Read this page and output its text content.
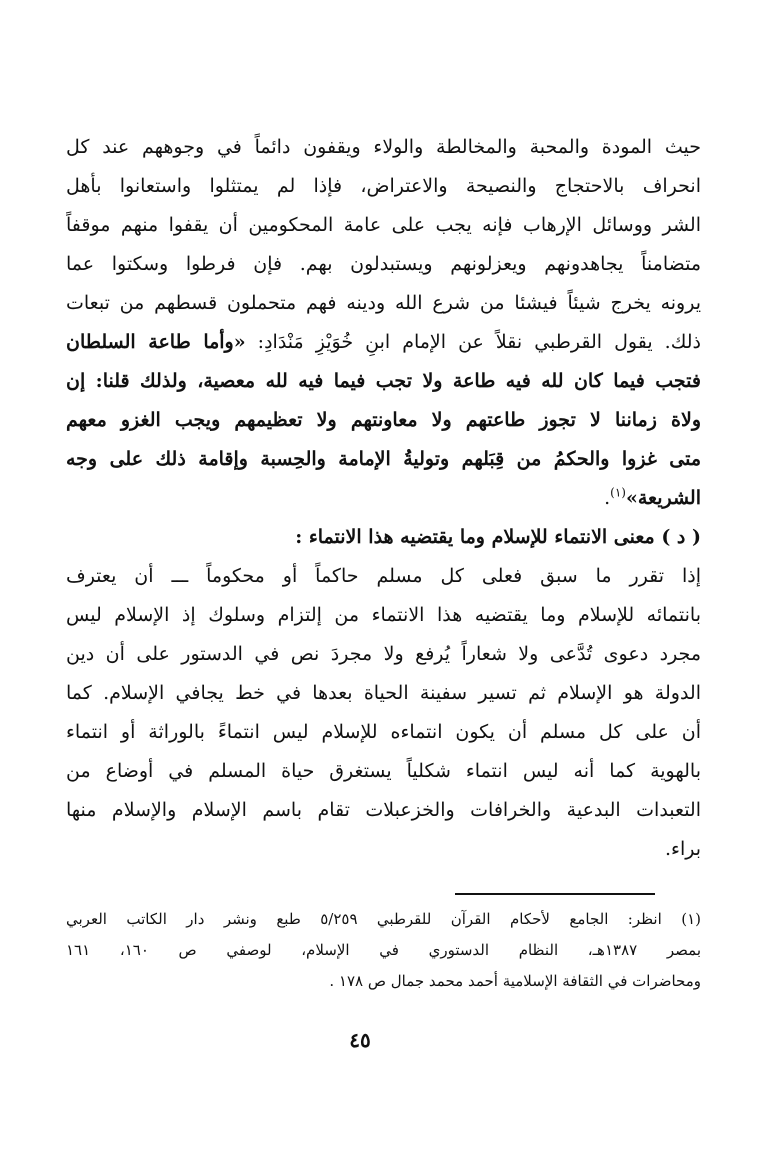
حيث المودة والمحبة والمخالطة والولاء ويقفون دائماً في وجوههم عند كل
انحراف بالاحتجاج والنصيحة والاعتراض، فإذا لم يمتثلوا واستعانوا بأهل
الشر ووسائل الإرهاب فإنه يجب على عامة المحكومين أن يقفوا منهم موقفاً
متضامناً يجاهدونهم ويعزلونهم ويستبدلون بهم. فإن فرطوا وسكتوا عما
يرونه يخرج شيئاً فيشئا من شرع الله ودينه فهم متحملون قسطهم من تبعات
ذلك. يقول القرطبي نقلاً عن الإمام ابنِ خُوَيْزِ مَنْدَادِ: «وأما طاعة السلطان
فتجب فيما كان لله فيه طاعة ولا تجب فيما فيه لله معصية، ولذلك قلنا: إن
ولاة زماننا لا تجوز طاعتهم ولا معاونتهم ولا تعظيمهم ويجب الغزو معهم
متى غزوا والحكمُ من قِبَلهم وتوليةُ الإمامة والحِسبة وإقامة ذلك على وجه
الشريعة»$^{(١)}$.
( د ) معنى الانتماء للإسلام وما يقتضيه هذا الانتماء :
إذا تقرر ما سبق فعلى كل مسلم حاكماً أو محكوماً ـــ أن يعترف
بانتمائه للإسلام وما يقتضيه هذا الانتماء من إلتزام وسلوك إذ الإسلام ليس
مجرد دعوى تُدَّعى ولا شعاراً يُرفع ولا مجردَ نص في الدستور على أن دين
الدولة هو الإسلام ثم تسير سفينة الحياة بعدها في خط يجافي الإسلام. كما
أن على كل مسلم أن يكون انتماءه للإسلام ليس انتماءً بالوراثة أو انتماء
بالهوية كما أنه ليس انتماء شكلياً يستغرق حياة المسلم في أوضاع من
التعبدات البدعية والخرافات والخزعبلات تقام باسم الإسلام والإسلام منها
براء.
(١) انظر: الجامع لأحكام القرآن للقرطبي ٥/٢٥٩ طبع ونشر دار الكاتب العربي
بمصر ١٣٨٧هـ، النظام الدستوري في الإسلام، لوصفي ص ١٦٠، ١٦١
ومحاضرات في الثقافة الإسلامية أحمد محمد جمال ص ١٧٨ .
٤٥
